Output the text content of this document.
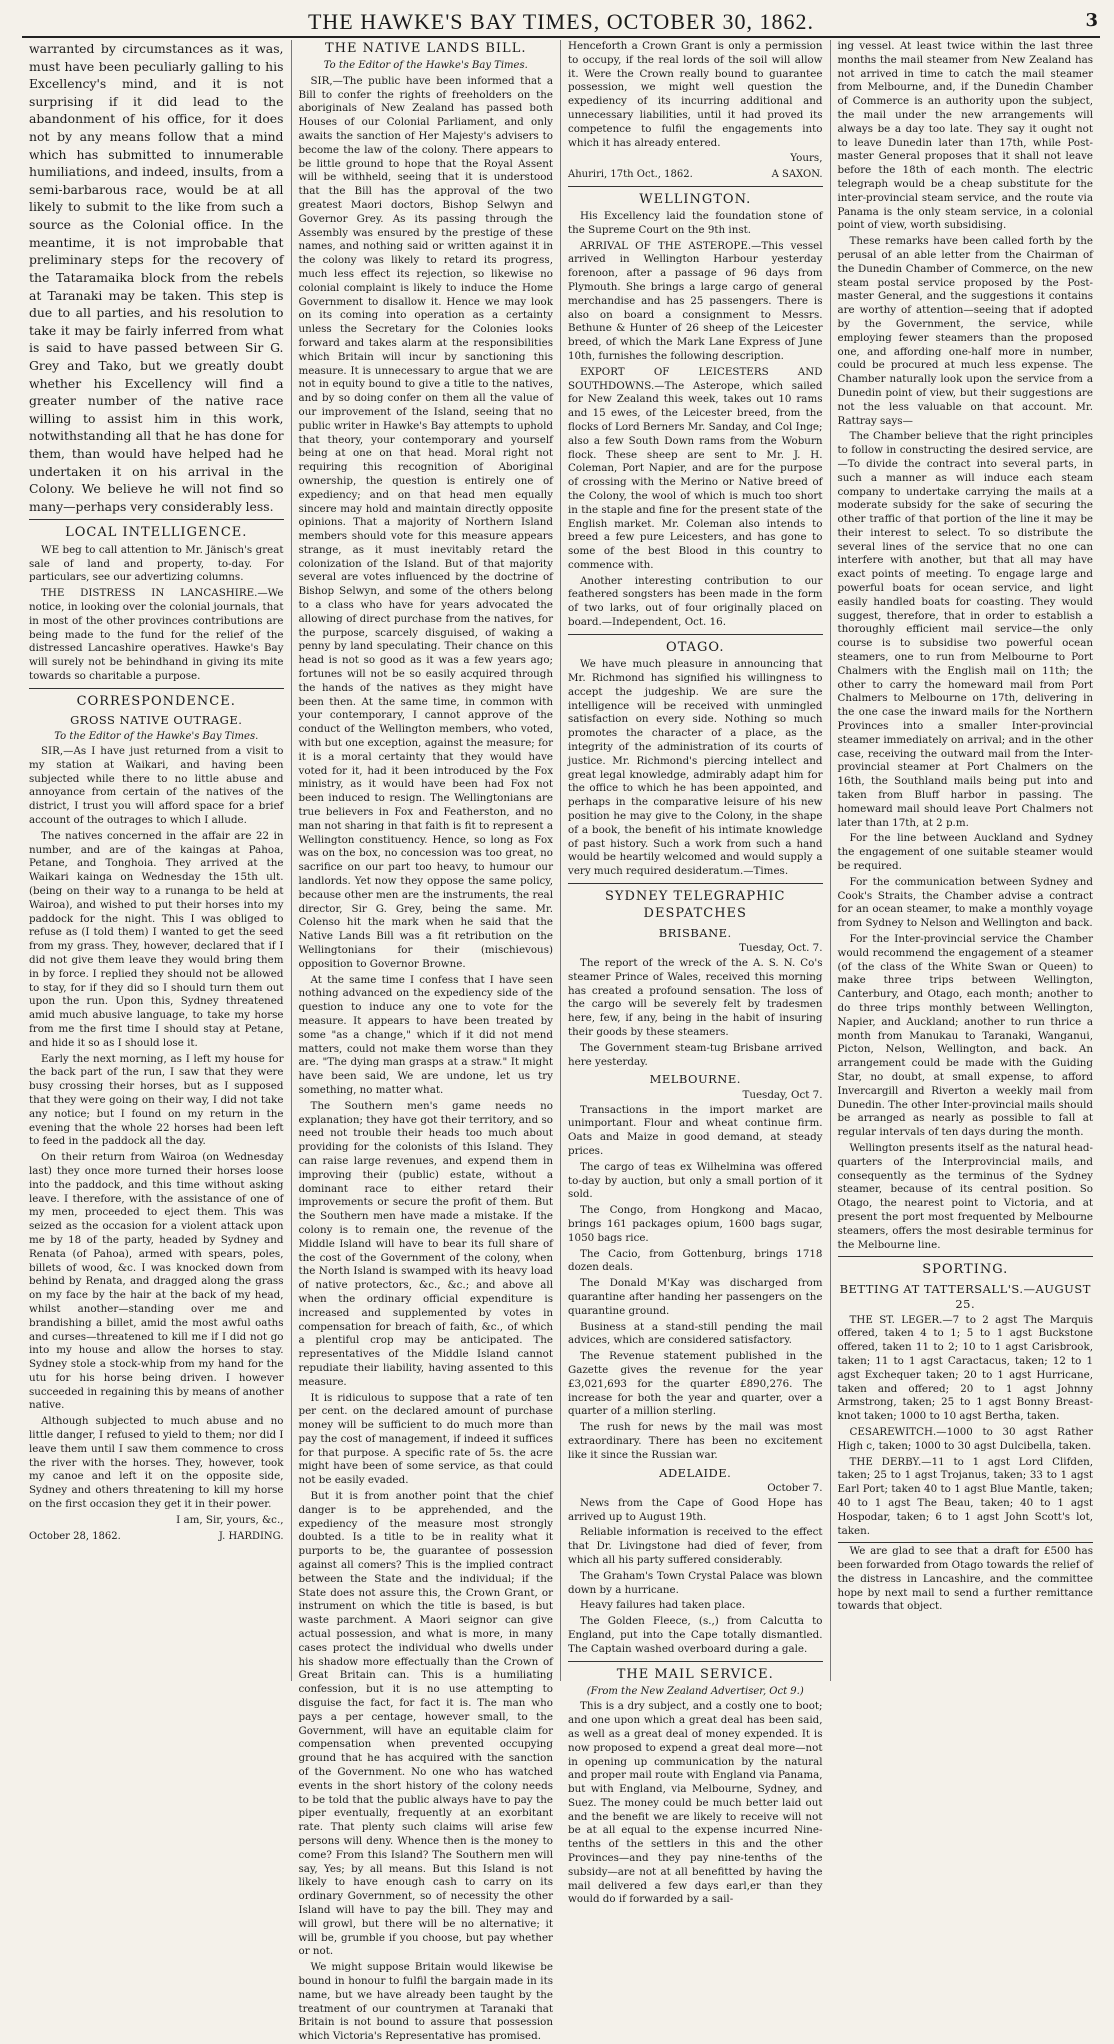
THE HAWKE'S BAY TIMES, OCTOBER 30, 1862.	3

warranted by circumstances as it was, must have been peculiarly galling to his Excellency's mind, and it is not surprising if it did lead to the abandonment of his office, for it does not by any means follow that a mind which has submitted to innumerable humiliations, and indeed, insults, from a semi-barbarous race, would be at all likely to submit to the like from such a source as the Colonial office. In the meantime, it is not improbable that preliminary steps for the recovery of the Tataramaika block from the rebels at Taranaki may be taken. This step is due to all parties, and his resolution to take it may be fairly inferred from what is said to have passed between Sir G. Grey and Tako, but we greatly doubt whether his Excellency will find a greater number of the native race willing to assist him in this work, notwithstanding all that he has done for them, than would have helped had he undertaken it on his arrival in the Colony. We believe he will not find so many—perhaps very considerably less.

LOCAL INTELLIGENCE.

WE beg to call attention to Mr. Jänisch's great sale of land and property, to-day. For particulars, see our advertizing columns.

THE DISTRESS IN LANCASHIRE.—We notice, in looking over the colonial journals, that in most of the other provinces contributions are being made to the fund for the relief of the distressed Lancashire operatives. Hawke's Bay will surely not be behindhand in giving its mite towards so charitable a purpose.

CORRESPONDENCE.
GROSS NATIVE OUTRAGE.
To the Editor of the Hawke's Bay Times.

SIR,—As I have just returned from a visit to my station at Waikari, and having been subjected while there to no little abuse and annoyance from certain of the natives of the district, I trust you will afford space for a brief account of the outrages to which I allude.

The natives concerned in the affair are 22 in number, and are of the kaingas at Pahoa, Petane, and Tonghoia. They arrived at the Waikari kainga on Wednesday the 15th ult. (being on their way to a runanga to be held at Wairoa), and wished to put their horses into my paddock for the night. This I was obliged to refuse as (I told them) I wanted to get the seed from my grass. They, however, declared that if I did not give them leave they would bring them in by force. I replied they should not be allowed to stay, for if they did so I should turn them out upon the run. Upon this, Sydney threatened amid much abusive language, to take my horse from me the first time I should stay at Petane, and hide it so as I should lose it.

Early the next morning, as I left my house for the back part of the run, I saw that they were busy crossing their horses, but as I supposed that they were going on their way, I did not take any notice; but I found on my return in the evening that the whole 22 horses had been left to feed in the paddock all the day.

On their return from Wairoa (on Wednesday last) they once more turned their horses loose into the paddock, and this time without asking leave. I therefore, with the assistance of one of my men, proceeded to eject them. This was seized as the occasion for a violent attack upon me by 18 of the party, headed by Sydney and Renata (of Pahoa), armed with spears, poles, billets of wood, &c. I was knocked down from behind by Renata, and dragged along the grass on my face by the hair at the back of my head, whilst another—standing over me and brandishing a billet, amid the most awful oaths and curses—threatened to kill me if I did not go into my house and allow the horses to stay. Sydney stole a stock-whip from my hand for the utu for his horse being driven. I however succeeded in regaining this by means of another native.

Although subjected to much abuse and no little danger, I refused to yield to them; nor did I leave them until I saw them commence to cross the river with the horses. They, however, took my canoe and left it on the opposite side, Sydney and others threatening to kill my horse on the first occasion they get it in their power.

I am, Sir, yours, &c.,
October 28, 1862.	J. HARDING.
THE NATIVE LANDS BILL.
To the Editor of the Hawke's Bay Times.

SIR,—The public have been informed that a Bill to confer the rights of freeholders on the aboriginals of New Zealand has passed both Houses of our Colonial Parliament, and only awaits the sanction of Her Majesty's advisers to become the law of the colony. There appears to be little ground to hope that the Royal Assent will be withheld, seeing that it is understood that the Bill has the approval of the two greatest Maori doctors, Bishop Selwyn and Governor Grey. As its passing through the Assembly was ensured by the prestige of these names, and nothing said or written against it in the colony was likely to retard its progress, much less effect its rejection, so likewise no colonial complaint is likely to induce the Home Government to disallow it. Hence we may look on its coming into operation as a certainty unless the Secretary for the Colonies looks forward and takes alarm at the responsibilities which Britain will incur by sanctioning this measure. It is unnecessary to argue that we are not in equity bound to give a title to the natives, and by so doing confer on them all the value of our improvement of the Island, seeing that no public writer in Hawke's Bay attempts to uphold that theory, your contemporary and yourself being at one on that head. Moral right not requiring this recognition of Aboriginal ownership, the question is entirely one of expediency; and on that head men equally sincere may hold and maintain directly opposite opinions. That a majority of Northern Island members should vote for this measure appears strange, as it must inevitably retard the colonization of the Island. But of that majority several are votes influenced by the doctrine of Bishop Selwyn, and some of the others belong to a class who have for years advocated the allowing of direct purchase from the natives, for the purpose, scarcely disguised, of waking a penny by land speculating. Their chance on this head is not so good as it was a few years ago; fortunes will not be so easily acquired through the hands of the natives as they might have been then. At the same time, in common with your contemporary, I cannot approve of the conduct of the Wellington members, who voted, with but one exception, against the measure; for it is a moral certainty that they would have voted for it, had it been introduced by the Fox ministry, as it would have been had Fox not been induced to resign. The Wellingtonians are true believers in Fox and Featherston, and no man not sharing in that faith is fit to represent a Wellington constituency. Hence, so long as Fox was on the box, no concession was too great, no sacrifice on our part too heavy, to humour our landlords. Yet now they oppose the same policy, because other men are the instruments, the real director, Sir G. Grey, being the same. Mr. Colenso hit the mark when he said that the Native Lands Bill was a fit retribution on the Wellingtonians for their (mischievous) opposition to Governor Browne.

At the same time I confess that I have seen nothing advanced on the expediency side of the question to induce any one to vote for the measure. It appears to have been treated by some "as a change," which if it did not mend matters, could not make them worse than they are. "The dying man grasps at a straw." It might have been said, We are undone, let us try something, no matter what.

The Southern men's game needs no explanation; they have got their territory, and so need not trouble their heads too much about providing for the colonists of this Island. They can raise large revenues, and expend them in improving their (public) estate, without a dominant race to either retard their improvements or secure the profit of them. But the Southern men have made a mistake. If the colony is to remain one, the revenue of the Middle Island will have to bear its full share of the cost of the Government of the colony, when the North Island is swamped with its heavy load of native protectors, &c., &c.; and above all when the ordinary official expenditure is increased and supplemented by votes in compensation for breach of faith, &c., of which a plentiful crop may be anticipated. The representatives of the Middle Island cannot repudiate their liability, having assented to this measure.

It is ridiculous to suppose that a rate of ten per cent. on the declared amount of purchase money will be sufficient to do much more than pay the cost of management, if indeed it suffices for that purpose. A specific rate of 5s. the acre might have been of some service, as that could not be easily evaded.

But it is from another point that the chief danger is to be apprehended, and the expediency of the measure most strongly doubted. Is a title to be in reality what it purports to be, the guarantee of possession against all comers? This is the implied contract between the State and the individual; if the State does not assure this, the Crown Grant, or instrument on which the title is based, is but waste parchment. A Maori seignor can give actual possession, and what is more, in many cases protect the individual who dwells under his shadow more effectually than the Crown of Great Britain can. This is a humiliating confession, but it is no use attempting to disguise the fact, for fact it is. The man who pays a per centage, however small, to the Government, will have an equitable claim for compensation when prevented occupying ground that he has acquired with the sanction of the Government. No one who has watched events in the short history of the colony needs to be told that the public always have to pay the piper eventually, frequently at an exorbitant rate. That plenty such claims will arise few persons will deny. Whence then is the money to come? From this Island? The Southern men will say, Yes; by all means. But this Island is not likely to have enough cash to carry on its ordinary Government, so of necessity the other Island will have to pay the bill. They may and will growl, but there will be no alternative; it will be, grumble if you choose, but pay whether or not.

We might suppose Britain would likewise be bound in honour to fulfil the bargain made in its name, but we have already been taught by the treatment of our countrymen at Taranaki that Britain is not bound to assure that possession which Victoria's Representative has promised.

Henceforth a Crown Grant is only a permission to occupy, if the real lords of the soil will allow it. Were the Crown really bound to guarantee possession, we might well question the expediency of its incurring additional and unnecessary liabilities, until it had proved its competence to fulfil the engagements into which it has already entered.

Yours,
Ahuriri, 17th Oct., 1862.	A SAXON.
WELLINGTON.

His Excellency laid the foundation stone of the Supreme Court on the 9th inst.

ARRIVAL OF THE ASTEROPE.—This vessel arrived in Wellington Harbour yesterday forenoon, after a passage of 96 days from Plymouth. She brings a large cargo of general merchandise and has 25 passengers. There is also on board a consignment to Messrs. Bethune & Hunter of 26 sheep of the Leicester breed, of which the Mark Lane Express of June 10th, furnishes the following description.

EXPORT OF LEICESTERS AND SOUTHDOWNS.—The Asterope, which sailed for New Zealand this week, takes out 10 rams and 15 ewes, of the Leicester breed, from the flocks of Lord Berners Mr. Sanday, and Col Inge; also a few South Down rams from the Woburn flock. These sheep are sent to Mr. J. H. Coleman, Port Napier, and are for the purpose of crossing with the Merino or Native breed of the Colony, the wool of which is much too short in the staple and fine for the present state of the English market. Mr. Coleman also intends to breed a few pure Leicesters, and has gone to some of the best Blood in this country to commence with.

Another interesting contribution to our feathered songsters has been made in the form of two larks, out of four originally placed on board.—Independent, Oct. 16.

OTAGO.

We have much pleasure in announcing that Mr. Richmond has signified his willingness to accept the judgeship. We are sure the intelligence will be received with unmingled satisfaction on every side. Nothing so much promotes the character of a place, as the integrity of the administration of its courts of justice. Mr. Richmond's piercing intellect and great legal knowledge, admirably adapt him for the office to which he has been appointed, and perhaps in the comparative leisure of his new position he may give to the Colony, in the shape of a book, the benefit of his intimate knowledge of past history. Such a work from such a hand would be heartily welcomed and would supply a very much required desideratum.—Times.

SYDNEY TELEGRAPHIC DESPATCHES
BRISBANE.
Tuesday, Oct. 7.

The report of the wreck of the A. S. N. Co's steamer Prince of Wales, received this morning has created a profound sensation. The loss of the cargo will be severely felt by tradesmen here, few, if any, being in the habit of insuring their goods by these steamers.

The Government steam-tug Brisbane arrived here yesterday.

MELBOURNE.
Tuesday, Oct 7.

Transactions in the import market are unimportant. Flour and wheat continue firm. Oats and Maize in good demand, at steady prices.

The cargo of teas ex Wilhelmina was offered to-day by auction, but only a small portion of it sold.

The Congo, from Hongkong and Macao, brings 161 packages opium, 1600 bags sugar, 1050 bags rice.

The Cacio, from Gottenburg, brings 1718 dozen deals.

The Donald M'Kay was discharged from quarantine after handing her passengers on the quarantine ground.

Business at a stand-still pending the mail advices, which are considered satisfactory.

The Revenue statement published in the Gazette gives the revenue for the year £3,021,693 for the quarter £890,276. The increase for both the year and quarter, over a quarter of a million sterling.

The rush for news by the mail was most extraordinary. There has been no excitement like it since the Russian war.

ADELAIDE.
October 7.

News from the Cape of Good Hope has arrived up to August 19th.

Reliable information is received to the effect that Dr. Livingstone had died of fever, from which all his party suffered considerably.

The Graham's Town Crystal Palace was blown down by a hurricane.

Heavy failures had taken place.

The Golden Fleece, (s.,) from Calcutta to England, put into the Cape totally dismantled. The Captain washed overboard during a gale.

THE MAIL SERVICE.
(From the New Zealand Advertiser, Oct 9.)

This is a dry subject, and a costly one to boot; and one upon which a great deal has been said, as well as a great deal of money expended. It is now proposed to expend a great deal more—not in opening up communication by the natural and proper mail route with England via Panama, but with England, via Melbourne, Sydney, and Suez. The money could be much better laid out and the benefit we are likely to receive will not be at all equal to the expense incurred Nine-tenths of the settlers in this and the other Provinces—and they pay nine-tenths of the subsidy—are not at all benefitted by having the mail delivered a few days earl,er than they would do if forwarded by a sail-

ing vessel. At least twice within the last three months the mail steamer from New Zealand has not arrived in time to catch the mail steamer from Melbourne, and, if the Dunedin Chamber of Commerce is an authority upon the subject, the mail under the new arrangements will always be a day too late. They say it ought not to leave Dunedin later than 17th, while Post-master General proposes that it shall not leave before the 18th of each month. The electric telegraph would be a cheap substitute for the inter-provincial steam service, and the route via Panama is the only steam service, in a colonial point of view, worth subsidising.

These remarks have been called forth by the perusal of an able letter from the Chairman of the Dunedin Chamber of Commerce, on the new steam postal service proposed by the Post-master General, and the suggestions it contains are worthy of attention—seeing that if adopted by the Government, the service, while employing fewer steamers than the proposed one, and affording one-half more in number, could be procured at much less expense. The Chamber naturally look upon the service from a Dunedin point of view, but their suggestions are not the less valuable on that account. Mr. Rattray says—

The Chamber believe that the right principles to follow in constructing the desired service, are—To divide the contract into several parts, in such a manner as will induce each steam company to undertake carrying the mails at a moderate subsidy for the sake of securing the other traffic of that portion of the line it may be their interest to select. To so distribute the several lines of the service that no one can interfere with another, but that all may have exact points of meeting. To engage large and powerful boats for ocean service, and light easily handled boats for coasting. They would suggest, therefore, that in order to establish a thoroughly efficient mail service—the only course is to subsidise two powerful ocean steamers, one to run from Melbourne to Port Chalmers with the English mail on 11th; the other to carry the homeward mail from Port Chalmers to Melbourne on 17th, delivering in the one case the inward mails for the Northern Provinces into a smaller Inter-provincial steamer immediately on arrival; and in the other case, receiving the outward mail from the Inter-provincial steamer at Port Chalmers on the 16th, the Southland mails being put into and taken from Bluff harbor in passing. The homeward mail should leave Port Chalmers not later than 17th, at 2 p.m.

For the line between Auckland and Sydney the engagement of one suitable steamer would be required.

For the communication between Sydney and Cook's Straits, the Chamber advise a contract for an ocean steamer, to make a monthly voyage from Sydney to Nelson and Wellington and back.

For the Inter-provincial service the Chamber would recommend the engagement of a steamer (of the class of the White Swan or Queen) to make three trips between Wellington, Canterbury, and Otago, each month; another to do three trips monthly between Wellington, Napier, and Auckland; another to run thrice a month from Manukau to Taranaki, Wanganui, Picton, Nelson, Wellington, and back. An arrangement could be made with the Guiding Star, no doubt, at small expense, to afford Invercargill and Riverton a weekly mail from Dunedin. The other Inter-provincial mails should be arranged as nearly as possible to fall at regular intervals of ten days during the month.

Wellington presents itself as the natural head-quarters of the Interprovincial mails, and consequently as the terminus of the Sydney steamer, because of its central position. So Otago, the nearest point to Victoria, and at present the port most frequented by Melbourne steamers, offers the most desirable terminus for the Melbourne line.

SPORTING.
BETTING AT TATTERSALL'S.—AUGUST 25.

THE ST. LEGER.—7 to 2 agst The Marquis offered, taken 4 to 1; 5 to 1 agst Buckstone offered, taken 11 to 2; 10 to 1 agst Carisbrook, taken; 11 to 1 agst Caractacus, taken; 12 to 1 agst Exchequer taken; 20 to 1 agst Hurricane, taken and offered; 20 to 1 agst Johnny Armstrong, taken; 25 to 1 agst Bonny Breast-knot taken; 1000 to 10 agst Bertha, taken.

CESAREWITCH.—1000 to 30 agst Rather High c, taken; 1000 to 30 agst Dulcibella, taken.

THE DERBY.—11 to 1 agst Lord Clifden, taken; 25 to 1 agst Trojanus, taken; 33 to 1 agst Earl Port; taken 40 to 1 agst Blue Mantle, taken; 40 to 1 agst The Beau, taken; 40 to 1 agst Hospodar, taken; 6 to 1 agst John Scott's lot, taken.

We are glad to see that a draft for £500 has been forwarded from Otago towards the relief of the distress in Lancashire, and the committee hope by next mail to send a further remittance towards that object.
